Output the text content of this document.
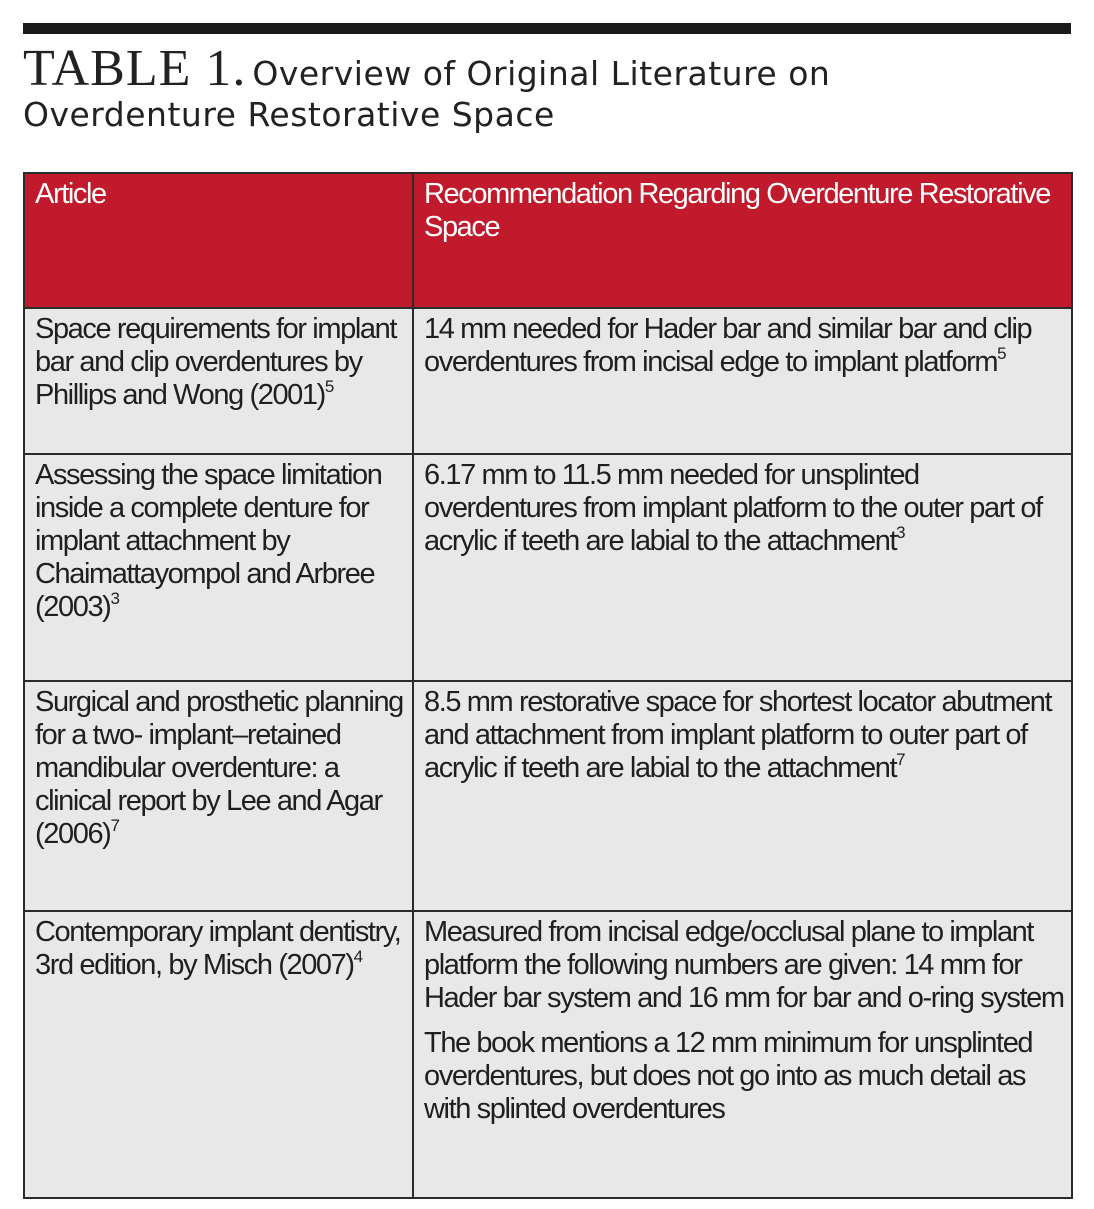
TABLE 1. Overview of Original Literature on
Overdenture Restorative Space
Article	Recommendation Regarding Overdenture Restorative Space
Space requirements for implant bar and clip overdentures by Phillips and Wong $(2001)^5$	14 mm needed for Hader bar and similar bar and clip overdentures from incisal edge to implant platform$^5$
Assessing the space limitation inside a complete denture for implant attachment by Chaimattayompol and Arbree $(2003)^3$	6.17 mm to 11.5 mm needed for unsplinted overdentures from implant platform to the outer part of acrylic if teeth are labial to the attachment$^3$
Surgical and prosthetic planning for a two- implant–retained mandibular overdenture: a clinical report by Lee and Agar $(2006)^7$	8.5 mm restorative space for shortest locator abutment and attachment from implant platform to outer part of acrylic if teeth are labial to the attachment$^7$
Contemporary implant dentistry, 3rd edition, by Misch $(2007)^4$	Measured from incisal edge/occlusal plane to implant platform the following numbers are given: 14 mm for Hader bar system and 16 mm for bar and o-ring system
The book mentions a 12 mm minimum for unsplinted overdentures, but does not go into as much detail as with splinted overdentures
